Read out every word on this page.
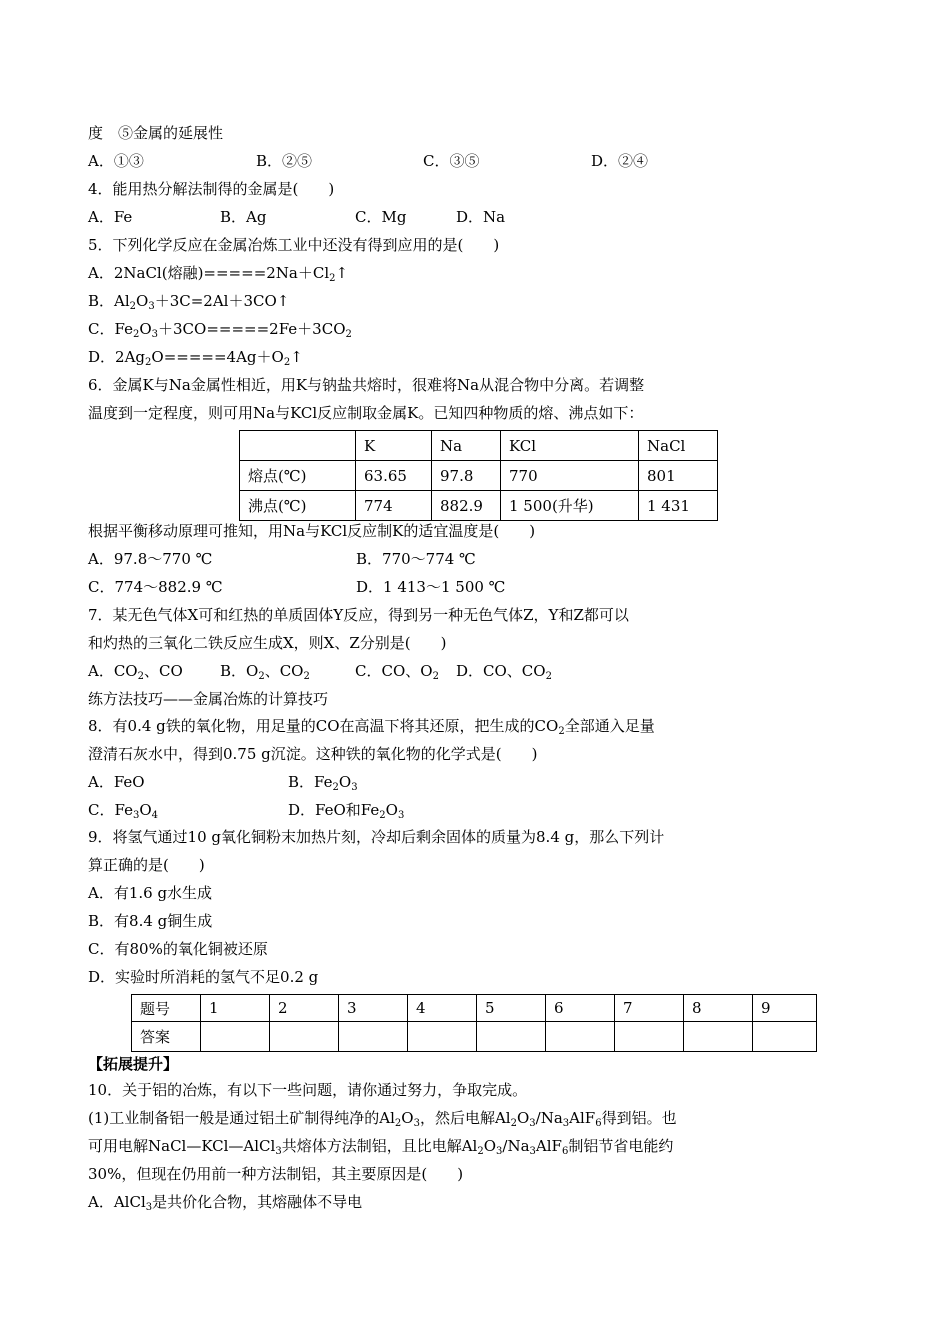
度　⑤金属的延展性
A．①③	B．②⑤	C．③⑤	D．②④
4．能用热分解法制得的金属是(　　)
A．Fe	B．Ag	C．Mg	D．Na
5．下列化学反应在金属冶炼工业中还没有得到应用的是(　　)
A．2NaCl(熔融)$=====2Na+Cl_2↑$
B．$Al_2O_3+3C=2Al+3CO↑$
C．$Fe_2O_3+3CO=====2Fe+3CO_2$
D．$2Ag_2O=====4Ag+O_2↑$
6．金属K与Na金属性相近，用K与钠盐共熔时，很难将Na从混合物中分离。若调整
温度到一定程度，则可用Na与KCl反应制取金属K。已知四种物质的熔、沸点如下：
	K	Na	KCl	NaCl
熔点(℃)	63.65	97.8	770	801
沸点(℃)	774	882.9	1 500(升华)	1 431
根据平衡移动原理可推知，用Na与KCl反应制K的适宜温度是(　　)
A．97.8～770 ℃	B．770～774 ℃
C．774～882.9 ℃	D．1 413～1 500 ℃
7．某无色气体X可和红热的单质固体Y反应，得到另一种无色气体Z，Y和Z都可以
和灼热的三氧化二铁反应生成X，则X、Z分别是(　　)
A．$CO_2$、CO B．$O_2$、$CO_2$	C．CO、$O_2$ D．CO、$CO_2$
练方法技巧——金属冶炼的计算技巧
8．有0.4 g铁的氧化物，用足量的CO在高温下将其还原，把生成的$CO_2$全部通入足量
澄清石灰水中，得到0.75 g沉淀。这种铁的氧化物的化学式是(　　)
A．FeO	B．$Fe_2O_3$
C．$Fe_3O_4$	D．FeO和$Fe_2O_3$
9．将氢气通过10 g氧化铜粉末加热片刻，冷却后剩余固体的质量为8.4 g，那么下列计
算正确的是(　　)
A．有1.6 g水生成
B．有8.4 g铜生成
C．有80%的氧化铜被还原
D．实验时所消耗的氢气不足0.2 g
题号	1	2	3	4	5	6	7	8	9
答案									
【拓展提升】
10．关于铝的冶炼，有以下一些问题，请你通过努力，争取完成。
(1)工业制备铝一般是通过铝土矿制得纯净的$Al_2O_3$，然后电解$Al_2O_3/Na_3AlF_6$得到铝。也
可用电解NaCl—KCl—AlCl$_3$共熔体方法制铝，且比电解$Al_2O_3/Na_3AlF_6$制铝节省电能约
30%，但现在仍用前一种方法制铝，其主要原因是(　　)
A．AlCl$_3$是共价化合物，其熔融体不导电
